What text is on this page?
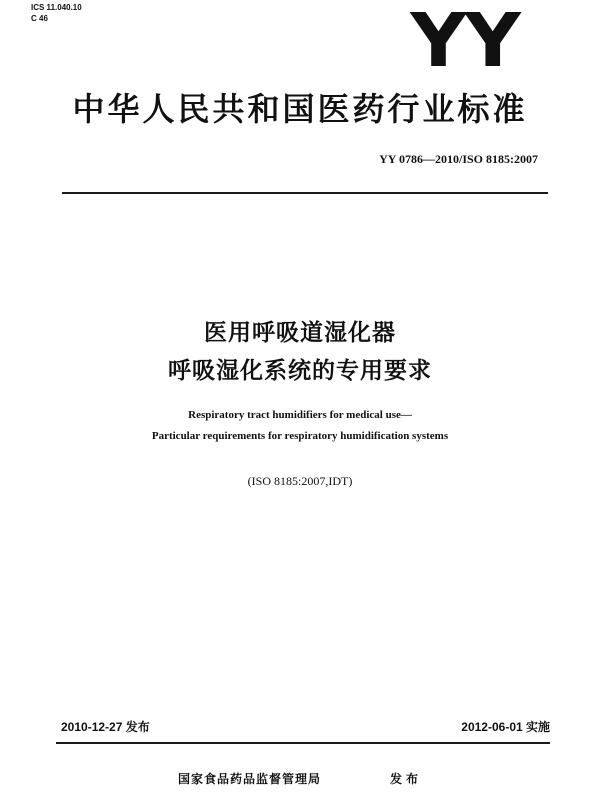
ICS 11.040.10
C 46	YY
中华人民共和国医药行业标准
YY 0786—2010/ISO 8185:2007
医用呼吸道湿化器
呼吸湿化系统的专用要求
Respiratory tract humidifiers for medical use—
Particular requirements for respiratory humidification systems
(ISO 8185:2007,IDT)
2010-12-27 发布	2012-06-01 实施
国家食品药品监督管理局	发布
